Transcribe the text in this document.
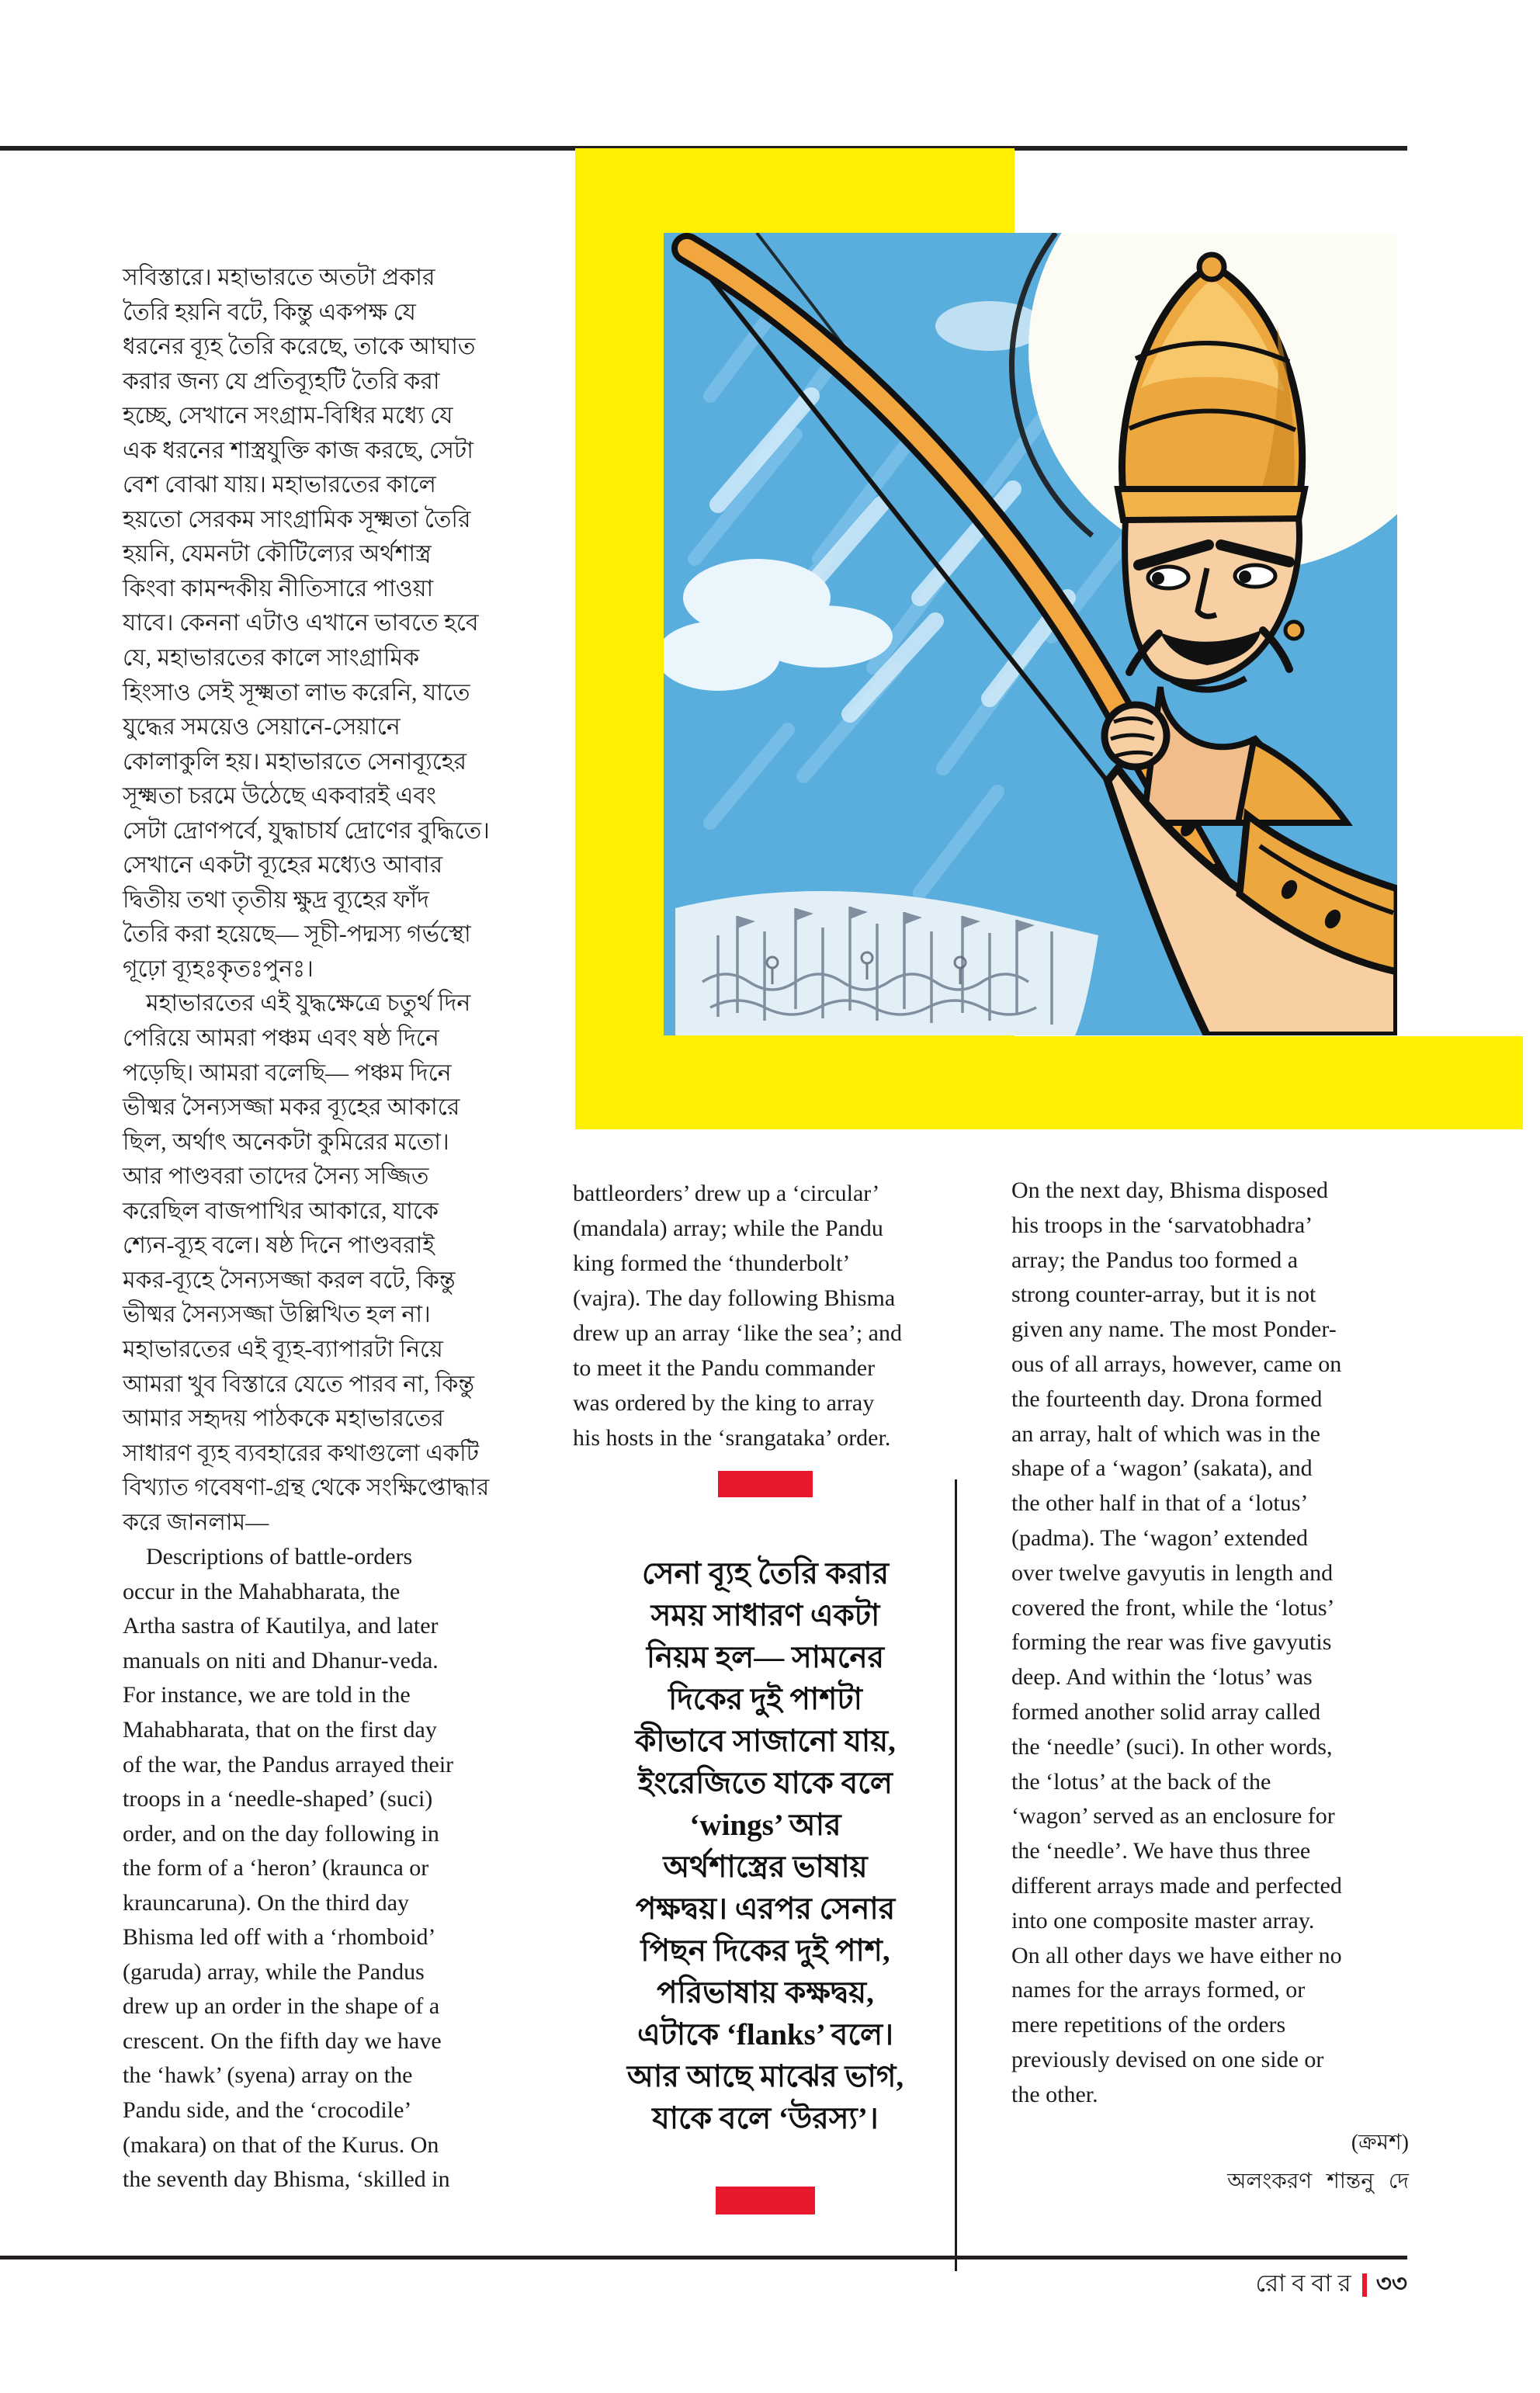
সবিস্তারে। মহাভারতে অতটা প্রকার
তৈরি হয়নি বটে, কিন্তু একপক্ষ যে
ধরনের ব্যূহ তৈরি করেছে, তাকে আঘাত
করার জন্য যে প্রতিব্যূহটি তৈরি করা
হচ্ছে, সেখানে সংগ্রাম-বিধির মধ্যে যে
এক ধরনের শাস্ত্রযুক্তি কাজ করছে, সেটা
বেশ বোঝা যায়। মহাভারতের কালে
হয়তো সেরকম সাংগ্রামিক সূক্ষ্মতা তৈরি
হয়নি, যেমনটা কৌটিল্যের অর্থশাস্ত্র
কিংবা কামন্দকীয় নীতিসারে পাওয়া
যাবে। কেননা এটাও এখানে ভাবতে হবে
যে, মহাভারতের কালে সাংগ্রামিক
হিংসাও সেই সূক্ষ্মতা লাভ করেনি, যাতে
যুদ্ধের সময়েও সেয়ানে-সেয়ানে
কোলাকুলি হয়। মহাভারতে সেনাব্যূহের
সূক্ষ্মতা চরমে উঠেছে একবারই এবং
সেটা দ্রোণপর্বে, যুদ্ধাচার্য দ্রোণের বুদ্ধিতে।
সেখানে একটা ব্যূহের মধ্যেও আবার
দ্বিতীয় তথা তৃতীয় ক্ষুদ্র ব্যূহের ফাঁদ
তৈরি করা হয়েছে— সূচী-পদ্মস্য গর্ভস্থো
গূঢ়ো ব্যূহঃকৃতঃপুনঃ।
 মহাভারতের এই যুদ্ধক্ষেত্রে চতুর্থ দিন
পেরিয়ে আমরা পঞ্চম এবং ষষ্ঠ দিনে
পড়েছি। আমরা বলেছি— পঞ্চম দিনে
ভীষ্মর সৈন্যসজ্জা মকর ব্যূহের আকারে
ছিল, অর্থাৎ অনেকটা কুমিরের মতো।
আর পাণ্ডবরা তাদের সৈন্য সজ্জিত
করেছিল বাজপাখির আকারে, যাকে
শ্যেন-ব্যূহ বলে। ষষ্ঠ দিনে পাণ্ডবরাই
মকর-ব্যূহে সৈন্যসজ্জা করল বটে, কিন্তু
ভীষ্মর সৈন্যসজ্জা উল্লিখিত হল না।
মহাভারতের এই ব্যূহ-ব্যাপারটা নিয়ে
আমরা খুব বিস্তারে যেতে পারব না, কিন্তু
আমার সহৃদয় পাঠককে মহাভারতের
সাধারণ ব্যূহ ব্যবহারের কথাগুলো একটি
বিখ্যাত গবেষণা-গ্রন্থ থেকে সংক্ষিপ্তোদ্ধার
করে জানলাম—
 Descriptions of battle-orders
occur in the Mahabharata, the
Artha sastra of Kautilya, and later
manuals on niti and Dhanur-veda.
For instance, we are told in the
Mahabharata, that on the first day
of the war, the Pandus arrayed their
troops in a ‘needle-shaped’ (suci)
order, and on the day following in
the form of a ‘heron’ (kraunca or
krauncaruna). On the third day
Bhisma led off with a ‘rhomboid’
(garuda) array, while the Pandus
drew up an order in the shape of a
crescent. On the fifth day we have
the ‘hawk’ (syena) array on the
Pandu side, and the ‘crocodile’
(makara) on that of the Kurus. On
the seventh day Bhisma, ‘skilled in
battleorders’ drew up a ‘circular’
(mandala) array; while the Pandu
king formed the ‘thunderbolt’
(vajra). The day following Bhisma
drew up an array ‘like the sea’; and
to meet it the Pandu commander
was ordered by the king to array
his hosts in the ‘srangataka’ order.
সেনা ব্যূহ তৈরি করার
সময় সাধারণ একটা
নিয়ম হল— সামনের
দিকের দুই পাশটা
কীভাবে সাজানো যায়,
ইংরেজিতে যাকে বলে
‘wings’ আর
অর্থশাস্ত্রের ভাষায়
পক্ষদ্বয়। এরপর সেনার
পিছন দিকের দুই পাশ,
পরিভাষায় কক্ষদ্বয়,
এটাকে ‘flanks’ বলে।
আর আছে মাঝের ভাগ,
যাকে বলে ‘উরস্য’।
On the next day, Bhisma disposed
his troops in the ‘sarvatobhadra’
array; the Pandus too formed a
strong counter-array, but it is not
given any name. The most Ponder-
ous of all arrays, however, came on
the fourteenth day. Drona formed
an array, halt of which was in the
shape of a ‘wagon’ (sakata), and
the other half in that of a ‘lotus’
(padma). The ‘wagon’ extended
over twelve gavyutis in length and
covered the front, while the ‘lotus’
forming the rear was five gavyutis
deep. And within the ‘lotus’ was
formed another solid array called
the ‘needle’ (suci). In other words,
the ‘lotus’ at the back of the
‘wagon’ served as an enclosure for
the ‘needle’. We have thus three
different arrays made and perfected
into one composite master array.
On all other days we have either no
names for the arrays formed, or
mere repetitions of the orders
previously devised on one side or
the other.
(ক্রমশ)
অলংকরণ শান্তনু দে
রোববার ৩৩
